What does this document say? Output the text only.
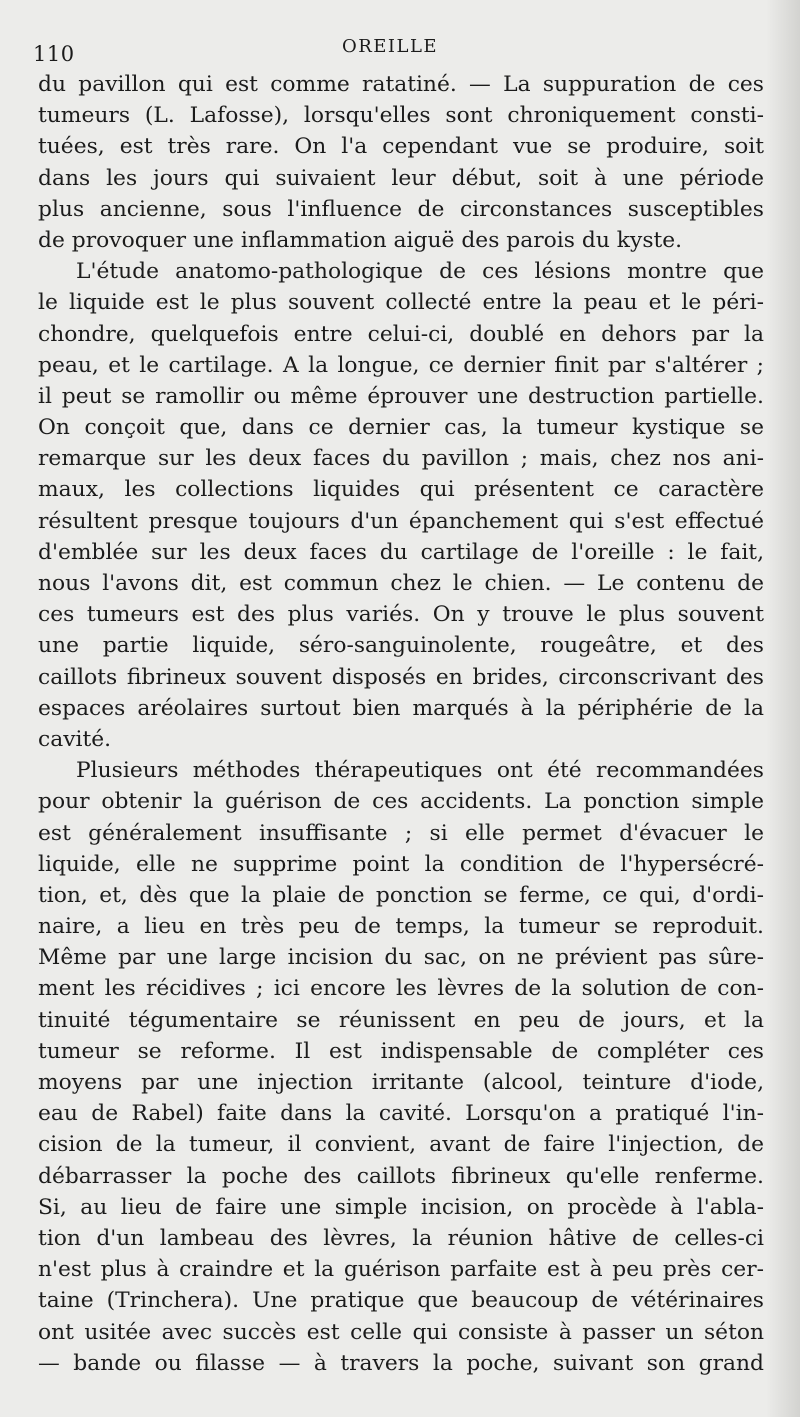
110	OREILLE
du pavillon qui est comme ratatiné. — La suppuration de ces
tumeurs (L. Lafosse), lorsqu'elles sont chroniquement consti-
tuées, est très rare. On l'a cependant vue se produire, soit
dans les jours qui suivaient leur début, soit à une période
plus ancienne, sous l'influence de circonstances susceptibles
de provoquer une inflammation aiguë des parois du kyste.
L'étude anatomo-pathologique de ces lésions montre que
le liquide est le plus souvent collecté entre la peau et le péri-
chondre, quelquefois entre celui-ci, doublé en dehors par la
peau, et le cartilage. A la longue, ce dernier finit par s'altérer ;
il peut se ramollir ou même éprouver une destruction partielle.
On conçoit que, dans ce dernier cas, la tumeur kystique se
remarque sur les deux faces du pavillon ; mais, chez nos ani-
maux, les collections liquides qui présentent ce caractère
résultent presque toujours d'un épanchement qui s'est effectué
d'emblée sur les deux faces du cartilage de l'oreille : le fait,
nous l'avons dit, est commun chez le chien. — Le contenu de
ces tumeurs est des plus variés. On y trouve le plus souvent
une partie liquide, séro-sanguinolente, rougeâtre, et des
caillots fibrineux souvent disposés en brides, circonscrivant des
espaces aréolaires surtout bien marqués à la périphérie de la
cavité.
Plusieurs méthodes thérapeutiques ont été recommandées
pour obtenir la guérison de ces accidents. La ponction simple
est généralement insuffisante ; si elle permet d'évacuer le
liquide, elle ne supprime point la condition de l'hypersécré-
tion, et, dès que la plaie de ponction se ferme, ce qui, d'ordi-
naire, a lieu en très peu de temps, la tumeur se reproduit.
Même par une large incision du sac, on ne prévient pas sûre-
ment les récidives ; ici encore les lèvres de la solution de con-
tinuité tégumentaire se réunissent en peu de jours, et la
tumeur se reforme. Il est indispensable de compléter ces
moyens par une injection irritante (alcool, teinture d'iode,
eau de Rabel) faite dans la cavité. Lorsqu'on a pratiqué l'in-
cision de la tumeur, il convient, avant de faire l'injection, de
débarrasser la poche des caillots fibrineux qu'elle renferme.
Si, au lieu de faire une simple incision, on procède à l'abla-
tion d'un lambeau des lèvres, la réunion hâtive de celles-ci
n'est plus à craindre et la guérison parfaite est à peu près cer-
taine (Trinchera). Une pratique que beaucoup de vétérinaires
ont usitée avec succès est celle qui consiste à passer un séton
— bande ou filasse — à travers la poche, suivant son grand
